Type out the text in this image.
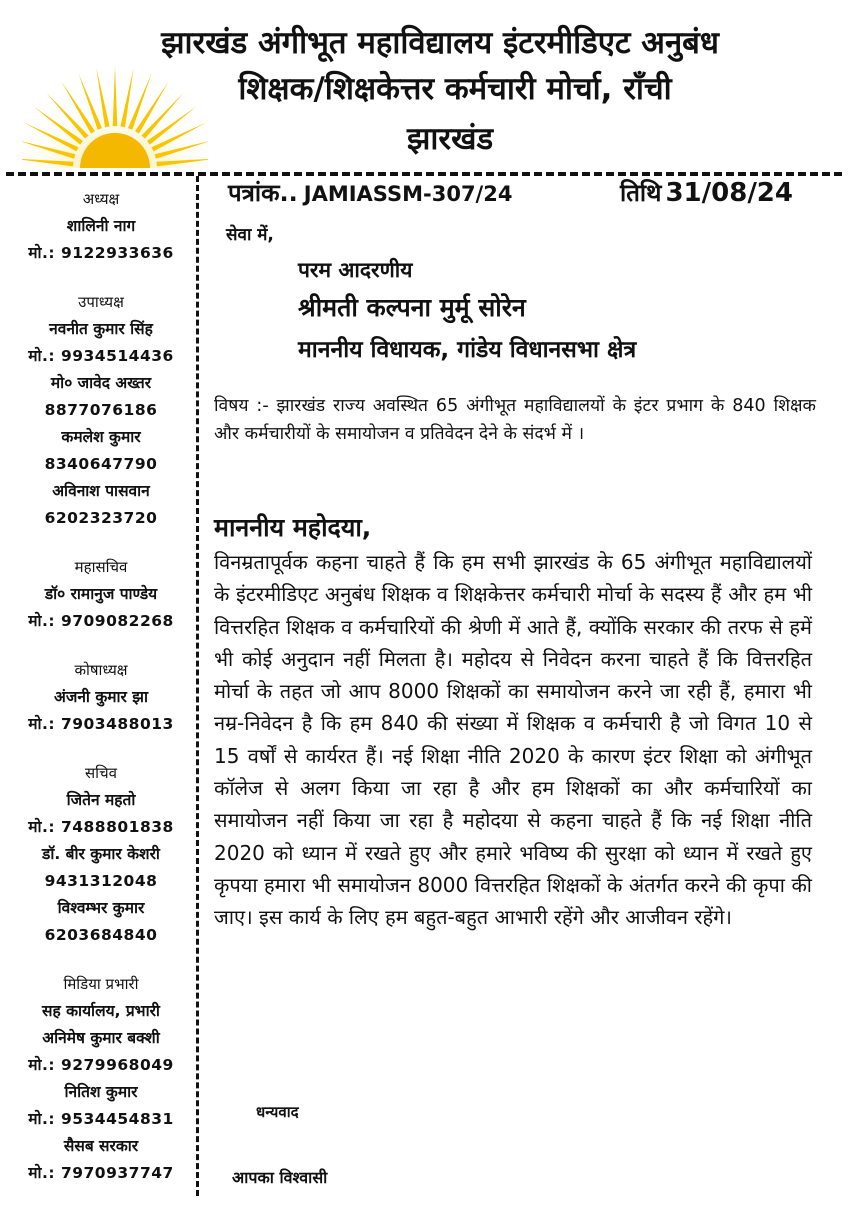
झारखंड अंगीभूत महाविद्यालय इंटरमीडिएट अनुबंध
शिक्षक/शिक्षकेत्तर कर्मचारी मोर्चा, राँची
झारखंड
अध्यक्ष
शालिनी नाग
मो.: 9122933636
उपाध्यक्ष
नवनीत कुमार सिंह
मो.: 9934514436
मो० जावेद अख्तर
8877076186
कमलेश कुमार
8340647790
अविनाश पासवान
6202323720
महासचिव
डॉ० रामानुज पाण्डेय
मो.: 9709082268
कोषाध्यक्ष
अंजनी कुमार झा
मो.: 7903488013
सचिव
जितेन महतो
मो.: 7488801838
डॉ. बीर कुमार केशरी
9431312048
विश्वम्भर कुमार
6203684840
मिडिया प्रभारी
सह कार्यालय, प्रभारी
अनिमेष कुमार बक्शी
मो.: 9279968049
नितिश कुमार
मो.: 9534454831
सैसब सरकार
मो.: 7970937747
पत्रांक.. JAMIASSM-307/24	तिथि 31/08/24
सेवा में,
परम आदरणीय
श्रीमती कल्पना मुर्मू सोरेन
माननीय विधायक, गांडेय विधानसभा क्षेत्र
विषय :- झारखंड राज्य अवस्थित 65 अंगीभूत महाविद्यालयों के इंटर प्रभाग के 840 शिक्षक और कर्मचारीयों के समायोजन व प्रतिवेदन देने के संदर्भ में ।
माननीय महोदया,
विनम्रतापूर्वक कहना चाहते हैं कि हम सभी झारखंड के 65 अंगीभूत महाविद्यालयों के इंटरमीडिएट अनुबंध शिक्षक व शिक्षकेत्तर कर्मचारी मोर्चा के सदस्य हैं और हम भी वित्तरहित शिक्षक व कर्मचारियों की श्रेणी में आते हैं, क्योंकि सरकार की तरफ से हमें भी कोई अनुदान नहीं मिलता है। महोदय से निवेदन करना चाहते हैं कि वित्तरहित मोर्चा के तहत जो आप 8000 शिक्षकों का समायोजन करने जा रही हैं, हमारा भी नम्र-निवेदन है कि हम 840 की संख्या में शिक्षक व कर्मचारी है जो विगत 10 से 15 वर्षों से कार्यरत हैं। नई शिक्षा नीति 2020 के कारण इंटर शिक्षा को अंगीभूत कॉलेज से अलग किया जा रहा है और हम शिक्षकों का और कर्मचारियों का समायोजन नहीं किया जा रहा है महोदया से कहना चाहते हैं कि नई शिक्षा नीति 2020 को ध्यान में रखते हुए और हमारे भविष्य की सुरक्षा को ध्यान में रखते हुए कृपया हमारा भी समायोजन 8000 वित्तरहित शिक्षकों के अंतर्गत करने की कृपा की जाए। इस कार्य के लिए हम बहुत-बहुत आभारी रहेंगे और आजीवन रहेंगे।
धन्यवाद
आपका विश्वासी
